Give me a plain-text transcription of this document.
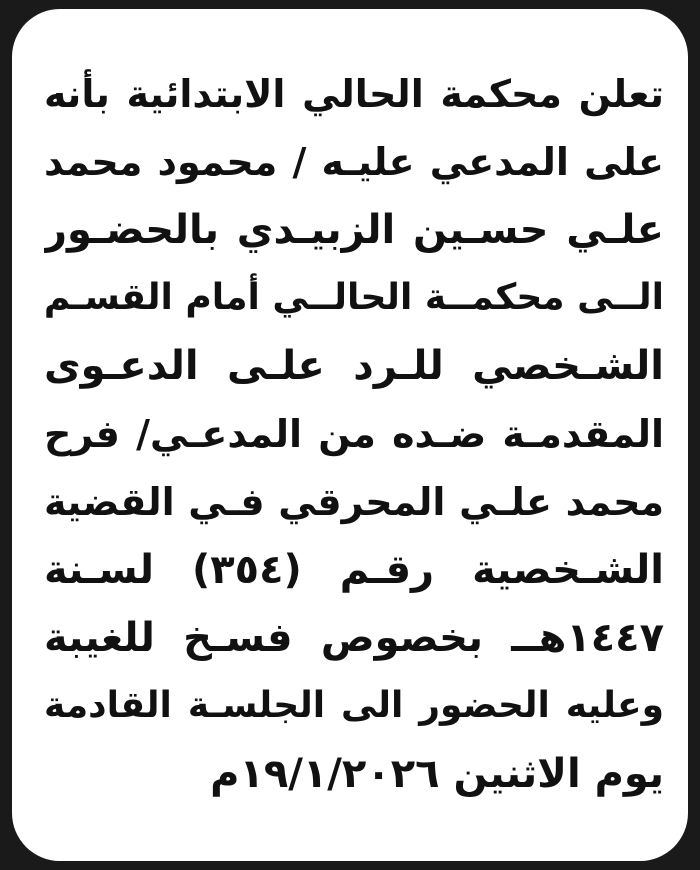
تعلن محكمة الحالي الابتدائية بأنه
على المدعي عليـه / محمود محمد
علـي حسـين الزبيـدي بالحضـور
الــى محكمــة الحالــي أمام القسـم
الشـخصي للـرد علـى الدعـوى
المقدمـة ضـده من المدعـي/ فرح
محمد علـي المحرقي فـي القضية
الشـخصية رقـم (٣٥٤) لسـنة
١٤٤٧هــ بخصوص فسـخ للغيبة
وعليه الحضور الى الجلسـة القادمة
يوم الاثنين ١٩/١/٢٠٢٦م
